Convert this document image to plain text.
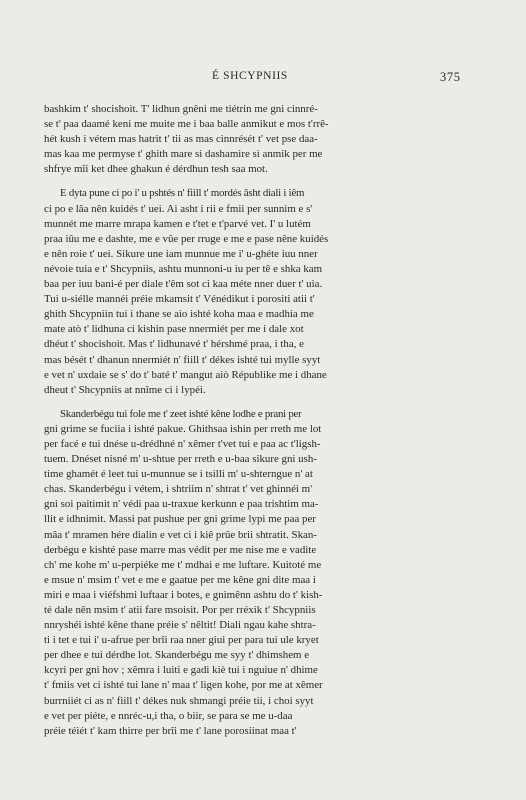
É SHCYPNIIS	375

bashkim t' shocishoit. T' lidhun gnêni me tiétrin me gni cinnré-
se t' paa daamé keni me muite me i baa balle anmikut e mos t'rrê-
hét kush i vétem mas hatrit t' tii as mas cinnrését t' vet pse daa-
mas kaa me permyse t' ghith mare si dashamire si anmik per me
shfrye mîi ket dhee ghakun é dérdhun tesh saa mot.

E dyta pune ci po i' u pshtés n' fiill t' mordés âsht diali i iêm
ci po e lâa nên kuidés t' uei. Ai asht i rii e fmii per sunnim e s'
munnét me marre mrapa kamen e t'tet e t'parvé vet. I' u lutém
praa iûu me e dashte, me e vûe per rruge e me e pase nêne kuidés
e nên roie t' uei. Sikure une iam munnue me i' u-ghéte iuu nner
névoie tuia e t' Shcypniis, ashtu munnoni-u iu per tê e shka kam
baa per iuu bani-é per diale t'êm sot ci kaa méte nner duer t' uia.
Tui u-siélle mannéi préie mkamsit t' Vénédikut i porositi atii t'
ghith Shcypniin tui i thane se aio ishté koha maa e madhia me
mate atò t' lidhuna ci kishin pase nnermiét per me i dale xot
dhéut t' shocishoit. Mas t' lidhunavé t' hérshmé praa, i tha, e
mas bését t' dhanun nnermiét n' fiill t' dékes ishté tui mylle syyt
e vet n' uxdaie se s' do t' baté t' mangut aiò Républike me i dhane
dheut t' Shcypniis at nnîme ci i lypéi.

Skanderbégu tui fole me t' zeet ishté kêne lodhe e prani per
gni grime se fuciia i ishté pakue. Ghithsaa ishin per rreth me lot
per facé e tui dnése u-drédhné n' xêmer t'vet tui e paa ac t'ligsh-
tuem. Dnéset nisné m' u-shtue per rreth e u-baa sikure gni ush-
time ghamét é leet tui u-munnue se i tsilli m' u-shterngue n' at
chas. Skanderbégu i vétem, i shtriim n' shtrat t' vet ghinnéi m'
gni soi paitimit n' védi paa u-traxue kerkunn e paa trishtim ma-
llit e idhnimit. Massi pat pushue per gni grime lypi me paa per
mâa t' mramen hére dialin e vet ci i kiê prûe brii shtratit. Skan-
derbégu e kishté pase marre mas védit per me nise me e vadite
ch' me kohe m' u-perpiéke me t' mdhai e me luftare. Kuitoté me
e msue n' msim t' vet e me e gaatue per me kêne gni dite maa i
miri e maa i viéfshmi luftaar i botes, e gnimênn ashtu do t' kish-
té dale nên msim t' atii fare msoisit. Por per rréxik t' Shcypniis
nnryshéi ishté kêne thane préie s' nêltit! Diali ngau kahe shtra-
ti i tet e tui i' u-afrue per brîi raa nner giui per para tui ule kryet
per dhee e tui dérdhe lot. Skanderbégu me syy t' dhimshem e
kcyri per gni hov ; xêmra i luiti e gadi kiè tui i nguiue n' dhime
t' fmiis vet ci ishté tui lane n' maa t' ligen kohe, por me at xêmer
burrniiét ci as n' fiill t' dékes nuk shmangi préie tii, i choi syyt
e vet per piéte, e nnréc-u,i tha, o biir, se para se me u-daa
préie téiét t' kam thirre per brîi me t' lane porosiinat maa t'
